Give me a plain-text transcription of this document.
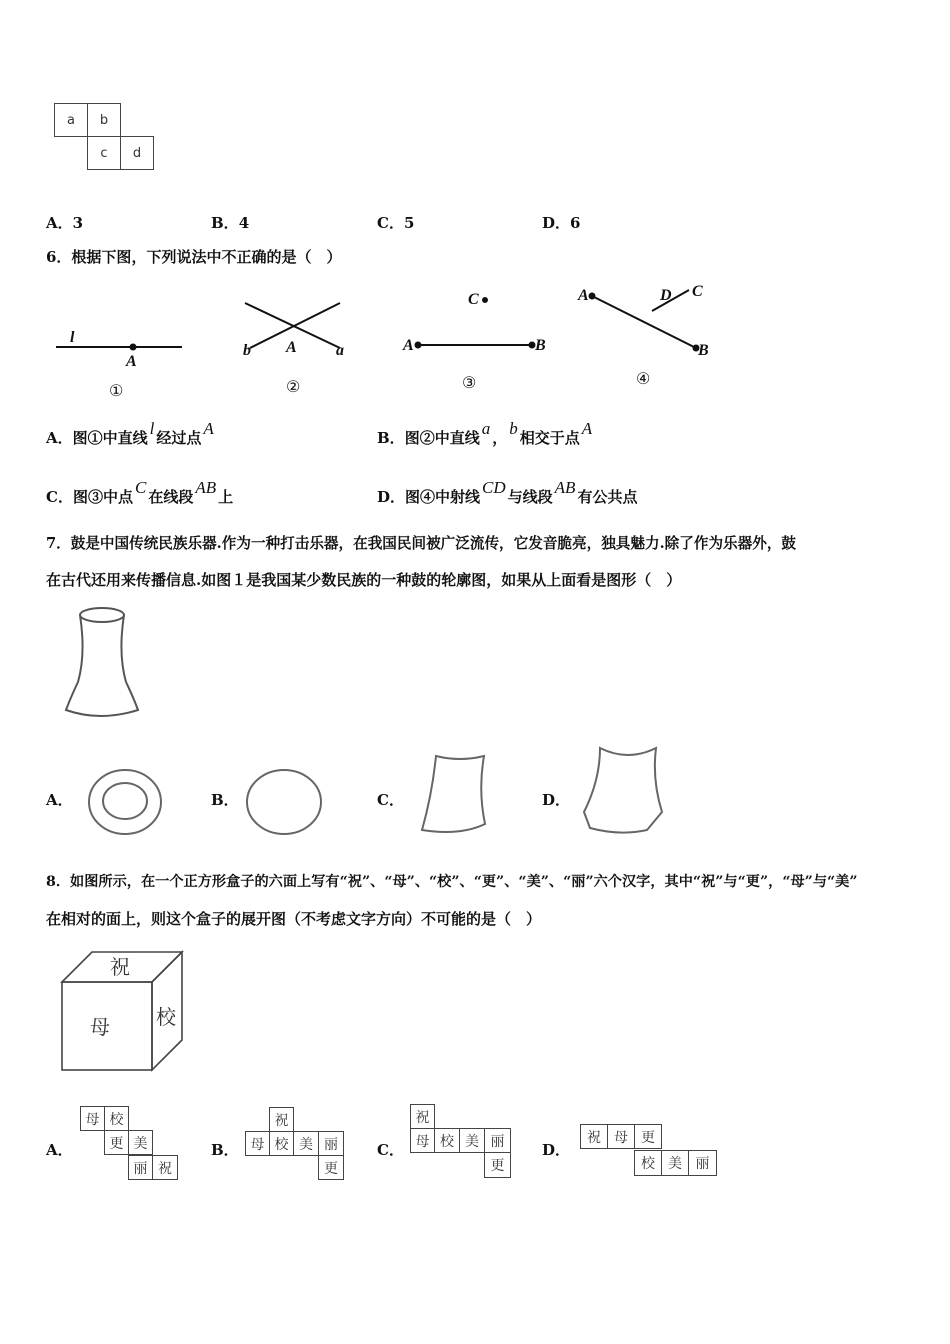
a	b
c	d
A．3	B．4	C．5	D．6
6．根据下图，下列说法中不正确的是（　）
l
A
b A a
C
A	B
A	D C
B
①	②	③	④
A．图①中直线 l 经过点 A	B．图②中直线 a ， b 相交于点 A
C．图③中点 C 在线段 AB 上	D．图④中射线 CD 与线段 AB 有公共点
7．鼓是中国传统民族乐器.作为一种打击乐器，在我国民间被广泛流传，它发音脆亮，独具魅力.除了作为乐器外，鼓
在古代还用来传播信息.如图１是我国某少数民族的一种鼓的轮廓图，如果从上面看是图形（　）
A．	B．	C．	D．
8．如图所示，在一个正方形盒子的六面上写有“祝”、“母”、“校”、“更”、“美”、“丽”六个汉字，其中“祝”与“更”，“母”与“美”
在相对的面上，则这个盒子的展开图（不考虑文字方向）不可能的是（　）
祝
母 校
A．
母 校
更 美
丽 祝
B．
祝
母 校 美 丽
更
C．
祝
母 校 美 丽
更
D．
祝 母 更
校 美 丽
